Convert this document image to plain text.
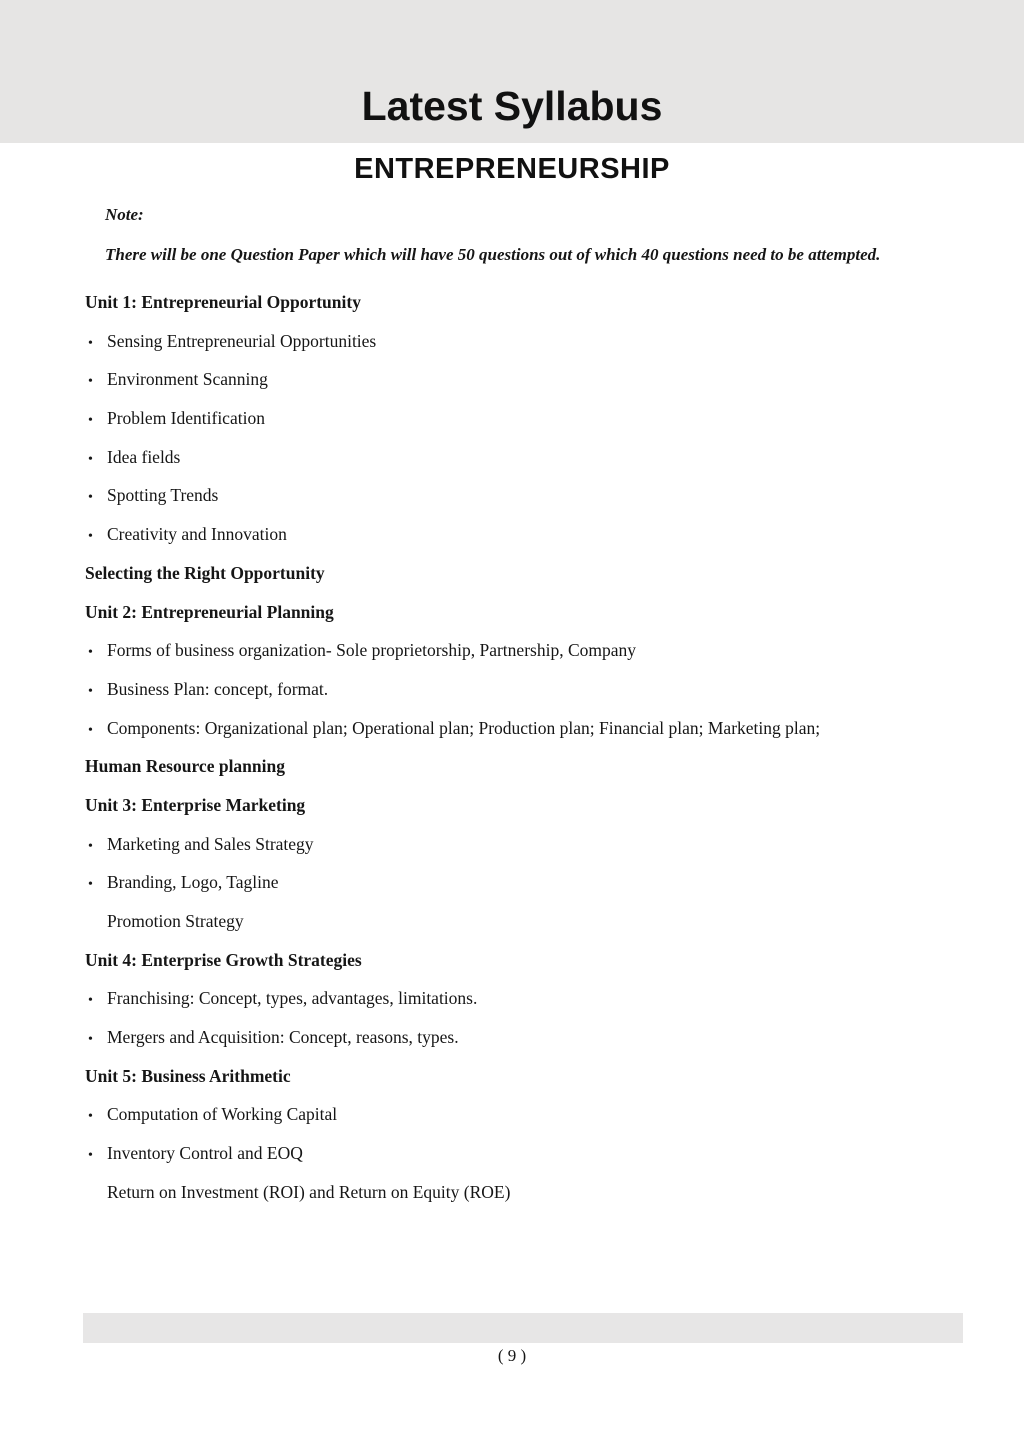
Latest Syllabus
ENTREPRENEURSHIP
Note:
There will be one Question Paper which will have 50 questions out of which 40 questions need to be attempted.
Unit 1: Entrepreneurial Opportunity
• Sensing Entrepreneurial Opportunities
• Environment Scanning
• Problem Identification
• Idea fields
• Spotting Trends
• Creativity and Innovation
Selecting the Right Opportunity
Unit 2: Entrepreneurial Planning
• Forms of business organization- Sole proprietorship, Partnership, Company
• Business Plan: concept, format.
• Components: Organizational plan; Operational plan; Production plan; Financial plan; Marketing plan;
Human Resource planning
Unit 3: Enterprise Marketing
• Marketing and Sales Strategy
• Branding, Logo, Tagline
Promotion Strategy
Unit 4: Enterprise Growth Strategies
• Franchising: Concept, types, advantages, limitations.
• Mergers and Acquisition: Concept, reasons, types.
Unit 5: Business Arithmetic
• Computation of Working Capital
• Inventory Control and EOQ
Return on Investment (ROI) and Return on Equity (ROE)
( 9 )
